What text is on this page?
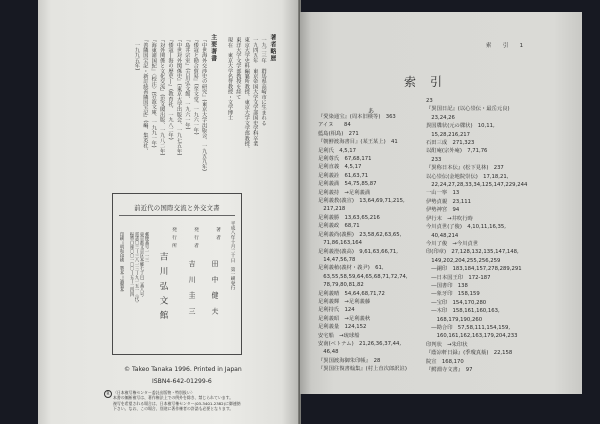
著者略歴
一九二三年　群馬県高崎市に生まれる
一九四五年　東京帝国大学文学部国史学科卒業
東京大学史料編纂所教授、東京大学文学部教授、
東洋大学文学部教授を経て
現在　東京大学名誉教授・文学博士
主要著書
『中世海外交渉史の研究』(東京大学出版会、一九五九年)
『倭寇と勘合貿易』(至文堂、一九六一年)
『島井宗室』(吉川弘文館、一九六一年)
『中世対外関係史』(東京大学出版会、一九七五年)
『倭寇―海の歴史―』(教育社、一九八二年)
『対外関係と文化交流』(思文閣出版、一九八二年)
『海東諸国紀』〈校注〉(岩波文庫、一九九一年)
『善隣国宝記・新訂続善隣国宝記』(編、集英社、
　一九九五年)
前近代の国際交流と外交文書
平成八年十月二十日　第一刷発行
著者
田中健夫
発行者
吉川圭三
発行所
吉川弘文館
郵便番号一一三
東京都文京区本郷七丁目二番八号
電話〇三―三八一三―九一五一〈代〉
振替口座〇〇一〇〇―五―二四四
印刷＝明和印刷　製本＝誠製本
© Takeo Tanaka 1996. Printed in Japan
ISBN4-642-01299-6
R 〈日本複写権センター委託出版物・特別扱い〉
本書の無断複写は、著作権法上での例外を除き、禁じられています。
複写を希望される場合は、日本複写権センター(03-3401-2382)に御連絡
下さい。なお、この場合、別途に著作権者の許諾も必要となります。
索　引　1
索引
あ
『愛染通宝』(周本旧検等)　363
アイヌ　　84
藍島(相島)　271
『朝鮮渡海書目』(某王某上)　41
足利氏　4,5,17
足利尊氏　67,68,171
足利直義　4,5,17
足利義詮　61,63,71
足利義満　54,75,85,87
足利義持　→足利義満
足利義教(義宣)　13,64,69,71,215,
　217,218
足利義勝　13,63,65,216
足利義政　68,71
足利義尚(義熙)　23,58,62,63,65,
　71,86,163,164
足利義澄(義高)　9,61,63,66,71,
　14,47,56,78
足利義稙(義材・義尹)　61,
　63,55,58,59,64,65,68,71,72,74,
　78,79,80,81,82
足利義晴　54,64,68,71,72
足利義輝　→足利義藤
足利持氏　124
足利義昭　→足利義秋
足利義量　124,152
安宅船　→琉球船
安南(ベトナム)　21,26,36,37,44,
　46,48
『異国渡海御朱印帳』　28
『異国往復書翰集』(村上直次郎訳註)
23
『異国日記』(以心崇伝・最岳元良)
　23,24,26
異国牒状(元の牒状)　10,11,
　15,28,216,217
石田三成　271,323
以酊庵(宗外庵)　7,71,76
　233
『異称日本伝』(松下見林)　237
以心崇伝(金地院崇伝)　17,18,21,
　22,24,27,28,33,34,125,147,229,244
一山一寧　13
伊勢貞親　23,111
伊勢神宮　94
伊行末　→井吹行時
今川貞世(了俊)　4,10,11,16,35,
　40,48,214
今川了俊　→今川貞世
印(印章)　27,128,132,135,147,148,
　149,202,204,255,256,259
　―銅印　183,184,157,278,289,291
　―日本国王印　172-187
　―国書印　138
　―象牙印　158,159
　―宝印　154,170,280
　―木印　158,161,160,163,
　　168,179,190,260
　―勘合印　57,58,111,154,159,
　　160,161,162,163,179,204,233
印判状　→朱印状
『蔭凉軒日録』(季瓊真蘂)　22,158
院宣　168,170
『鰐淵寺文書』　97
